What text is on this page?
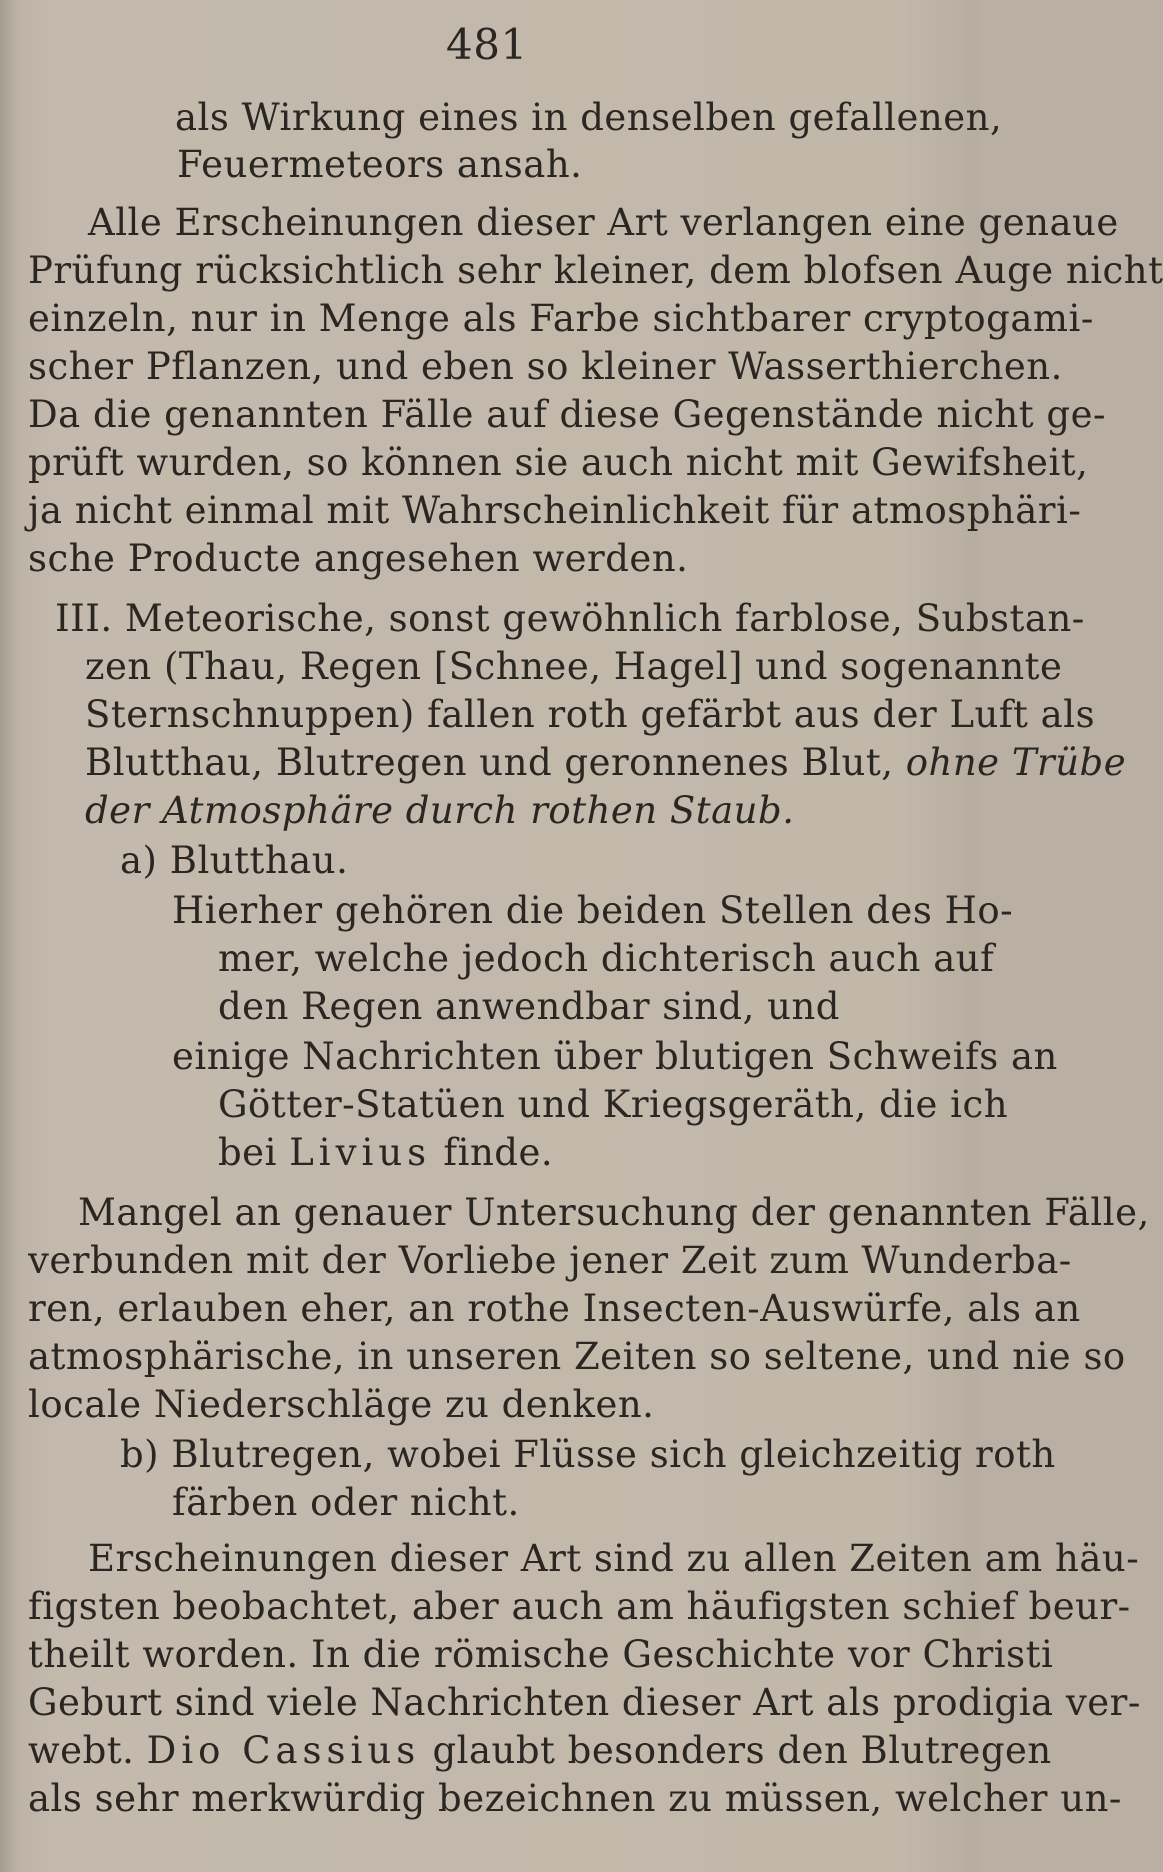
481
als Wirkung eines in denselben gefallenen,
Feuermeteors ansah.
Alle Erscheinungen dieser Art verlangen eine genaue
Prüfung rücksichtlich sehr kleiner, dem blofsen Auge nicht
einzeln, nur in Menge als Farbe sichtbarer cryptogami-
scher Pflanzen, und eben so kleiner Wasserthierchen.
Da die genannten Fälle auf diese Gegenstände nicht ge-
prüft wurden, so können sie auch nicht mit Gewifsheit,
ja nicht einmal mit Wahrscheinlichkeit für atmosphäri-
sche Producte angesehen werden.
III. Meteorische, sonst gewöhnlich farblose, Substan-
zen (Thau, Regen [Schnee, Hagel] und sogenannte
Sternschnuppen) fallen roth gefärbt aus der Luft als
Blutthau, Blutregen und geronnenes Blut, ohne Trübe
der Atmosphäre durch rothen Staub.
a) Blutthau.
Hierher gehören die beiden Stellen des Ho-
mer, welche jedoch dichterisch auch auf
den Regen anwendbar sind, und
einige Nachrichten über blutigen Schweifs an
Götter-Statüen und Kriegsgeräth, die ich
bei Livius finde.
Mangel an genauer Untersuchung der genannten Fälle,
verbunden mit der Vorliebe jener Zeit zum Wunderba-
ren, erlauben eher, an rothe Insecten-Auswürfe, als an
atmosphärische, in unseren Zeiten so seltene, und nie so
locale Niederschläge zu denken.
b) Blutregen, wobei Flüsse sich gleichzeitig roth
färben oder nicht.
Erscheinungen dieser Art sind zu allen Zeiten am häu-
figsten beobachtet, aber auch am häufigsten schief beur-
theilt worden. In die römische Geschichte vor Christi
Geburt sind viele Nachrichten dieser Art als prodigia ver-
webt. Dio Cassius glaubt besonders den Blutregen
als sehr merkwürdig bezeichnen zu müssen, welcher un-
